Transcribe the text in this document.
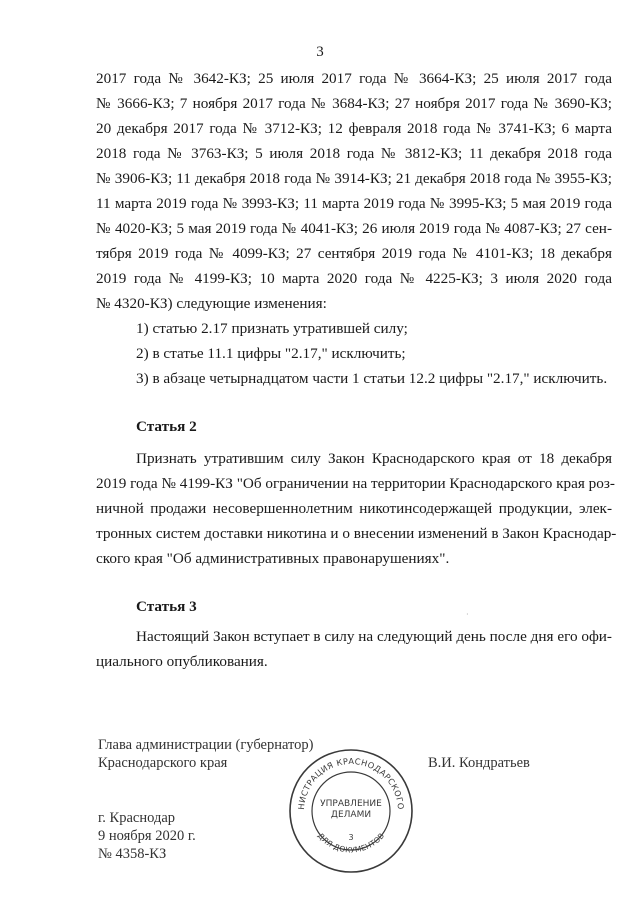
3
2017 года № 3642-КЗ; 25 июля 2017 года № 3664-КЗ; 25 июля 2017 года
№ 3666-КЗ; 7 ноября 2017 года № 3684-КЗ; 27 ноября 2017 года № 3690-КЗ;
20 декабря 2017 года № 3712-КЗ; 12 февраля 2018 года № 3741-КЗ; 6 марта
2018 года № 3763-КЗ; 5 июля 2018 года № 3812-КЗ; 11 декабря 2018 года
№ 3906-КЗ; 11 декабря 2018 года № 3914-КЗ; 21 декабря 2018 года № 3955-КЗ;
11 марта 2019 года № 3993-КЗ; 11 марта 2019 года № 3995-КЗ; 5 мая 2019 года
№ 4020-КЗ; 5 мая 2019 года № 4041-КЗ; 26 июля 2019 года № 4087-КЗ; 27 сен-
тября 2019 года № 4099-КЗ; 27 сентября 2019 года № 4101-КЗ; 18 декабря
2019 года № 4199-КЗ; 10 марта 2020 года № 4225-КЗ; 3 июля 2020 года
№ 4320-КЗ) следующие изменения:
1) статью 2.17 признать утратившей силу;
2) в статье 11.1 цифры "2.17," исключить;
3) в абзаце четырнадцатом части 1 статьи 12.2 цифры "2.17," исключить.
Статья 2
Признать утратившим силу Закон Краснодарского края от 18 декабря
2019 года № 4199-КЗ "Об ограничении на территории Краснодарского края роз-
ничной продажи несовершеннолетним никотинсодержащей продукции, элек-
тронных систем доставки никотина и о внесении изменений в Закон Краснодар-
ского края "Об административных правонарушениях".
Статья 3
Настоящий Закон вступает в силу на следующий день после дня его офи-
циального опубликования.
Глава администрации (губернатор)
Краснодарского края	В.И. Кондратьев
г. Краснодар
9 ноября 2020 г.
№ 4358-КЗ
НИСТРАЦИЯ КРАСНОДАРСКОГО
ДЛЯ ДОКУМЕНТОВ
УПРАВЛЕНИЕ
ДЕЛАМИ
3
·
